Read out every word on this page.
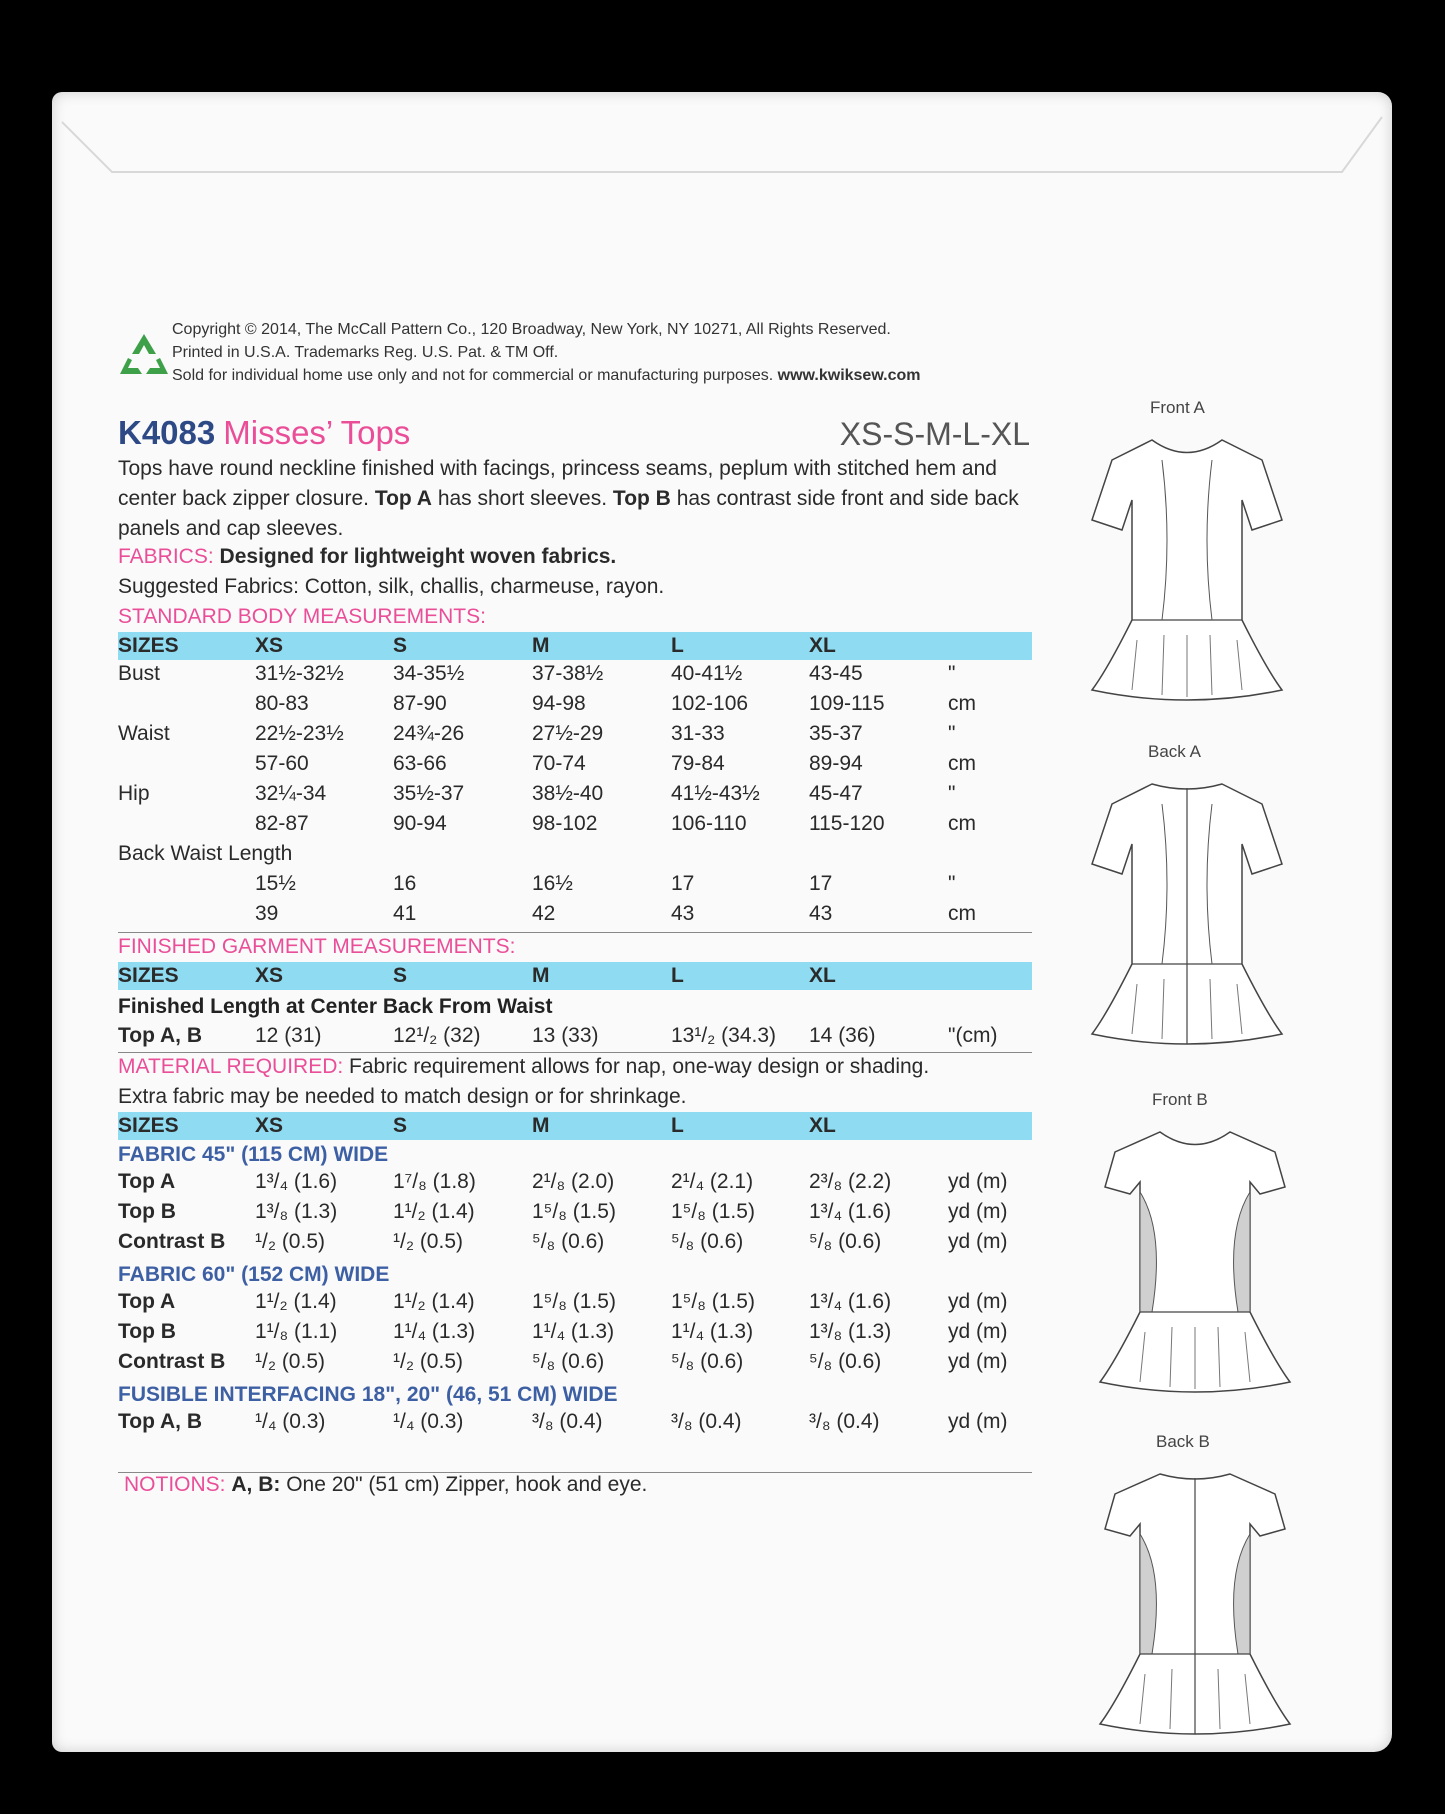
Copyright © 2014, The McCall Pattern Co., 120 Broadway, New York, NY 10271, All Rights Reserved.
Printed in U.S.A. Trademarks Reg. U.S. Pat. & TM Off.
Sold for individual home use only and not for commercial or manufacturing purposes. www.kwiksew.com
K4083 Misses’ Tops	XS-S-M-L-XL
Tops have round neckline finished with facings, princess seams, peplum with stitched hem and center back zipper closure. Top A has short sleeves. Top B has contrast side front and side back panels and cap sleeves.
FABRICS: Designed for lightweight woven fabrics.
Suggested Fabrics: Cotton, silk, challis, charmeuse, rayon.
STANDARD BODY MEASUREMENTS:
SIZES	XS	S	M	L	XL
Bust	31½-32½ 34-35½	37-38½	40-41½	43-45	"
80-83	87-90	94-98	102-106	109-115	cm
Waist	22½-23½ 24¾-26	27½-29	31-33	35-37	"
57-60	63-66	70-74	79-84	89-94	cm
Hip	32¼-34	35½-37	38½-40	41½-43½ 45-47	"
82-87	90-94	98-102	106-110	115-120	cm
Back Waist Length
15½	16	16½	17	17	"
39	41	42	43	43	cm
FINISHED GARMENT MEASUREMENTS:
SIZES	XS	S	M	L	XL
Finished Length at Center Back From Waist
Top A, B	12 (31)	12¹/₂ (32) 13 (33)	13¹/₂ (34.3) 14 (36)	"(cm)
MATERIAL REQUIRED: Fabric requirement allows for nap, one-way design or shading.
Extra fabric may be needed to match design or for shrinkage.
SIZES	XS	S	M	L	XL
FABRIC 45" (115 CM) WIDE
Top A	1³/₄ (1.6)	1⁷/₈ (1.8)	2¹/₈ (2.0)	2¹/₄ (2.1)	2³/₈ (2.2)	yd (m)
Top B	1³/₈ (1.3)	1¹/₂ (1.4)	1⁵/₈ (1.5)	1⁵/₈ (1.5)	1³/₄ (1.6)	yd (m)
Contrast B ¹/₂ (0.5)	¹/₂ (0.5)	⁵/₈ (0.6)	⁵/₈ (0.6)	⁵/₈ (0.6)	yd (m)
FABRIC 60" (152 CM) WIDE
Top A	1¹/₂ (1.4)	1¹/₂ (1.4)	1⁵/₈ (1.5)	1⁵/₈ (1.5)	1³/₄ (1.6)	yd (m)
Top B	1¹/₈ (1.1)	1¹/₄ (1.3)	1¹/₄ (1.3)	1¹/₄ (1.3)	1³/₈ (1.3)	yd (m)
Contrast B ¹/₂ (0.5)	¹/₂ (0.5)	⁵/₈ (0.6)	⁵/₈ (0.6)	⁵/₈ (0.6)	yd (m)
FUSIBLE INTERFACING 18", 20" (46, 51 CM) WIDE
Top A, B	¹/₄ (0.3)	¹/₄ (0.3)	³/₈ (0.4)	³/₈ (0.4)	³/₈ (0.4)	yd (m)
NOTIONS: A, B: One 20" (51 cm) Zipper, hook and eye.
Front A
Back A
Front B
Back B
